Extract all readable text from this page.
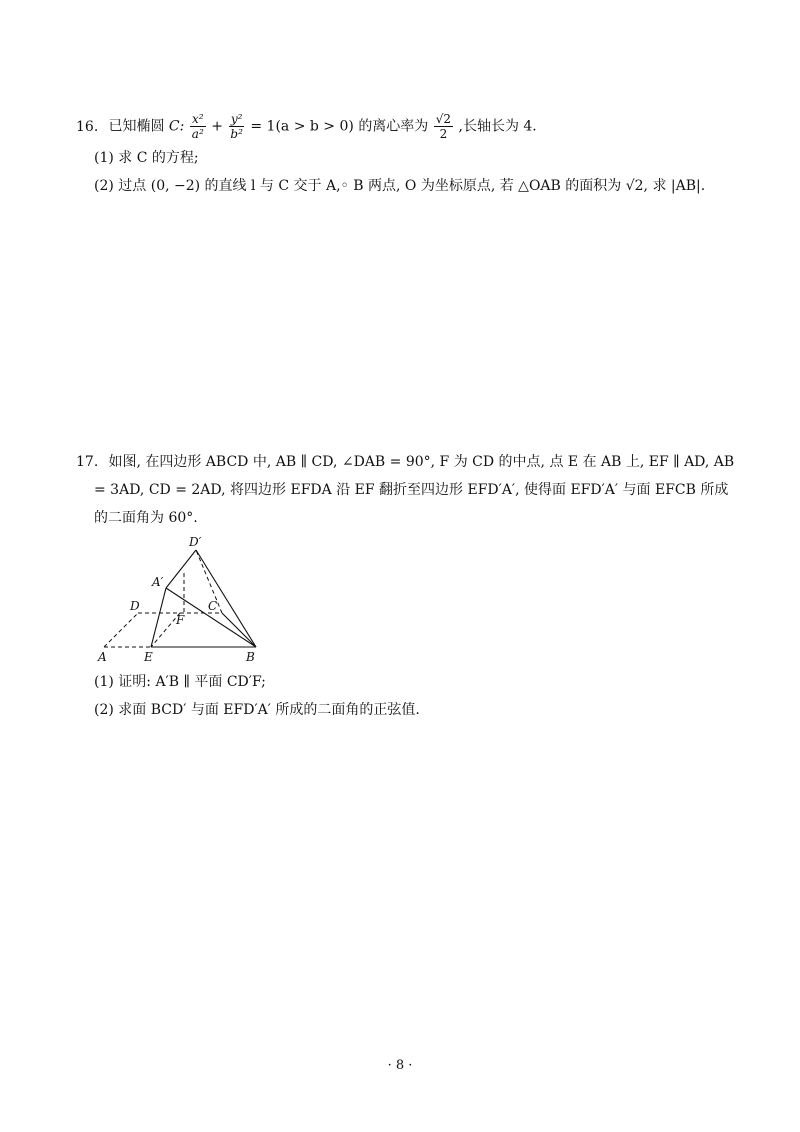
16. 已知椭圆 C: $\frac{\text{x²}}{\text{a²}} + \frac{\text{y²}}{\text{b²}} = 1(a > b > 0)$ 的离心率为 $\frac{√2}{2}$ ,长轴长为 4.
(1) 求 C 的方程;
(2) 过点 (0, −2) 的直线 l 与 C 交于 A,◦ B 两点, O 为坐标原点, 若 △OAB 的面积为 √2, 求 |AB|.
17. 如图, 在四边形 ABCD 中, AB ∥ CD, ∠DAB = 90°, F 为 CD 的中点, 点 E 在 AB 上, EF ∥ AD, AB
= 3AD, CD = 2AD, 将四边形 EFDA 沿 EF 翻折至四边形 EFD′A′, 使得面 EFD′A′ 与面 EFCB 所成
的二面角为 60°.
(1) 证明: A′B ∥ 平面 CD′F;
(2) 求面 BCD′ 与面 EFD′A′ 所成的二面角的正弦值.
D′
A′
D	C
F
A	E	B
· 8 ·
